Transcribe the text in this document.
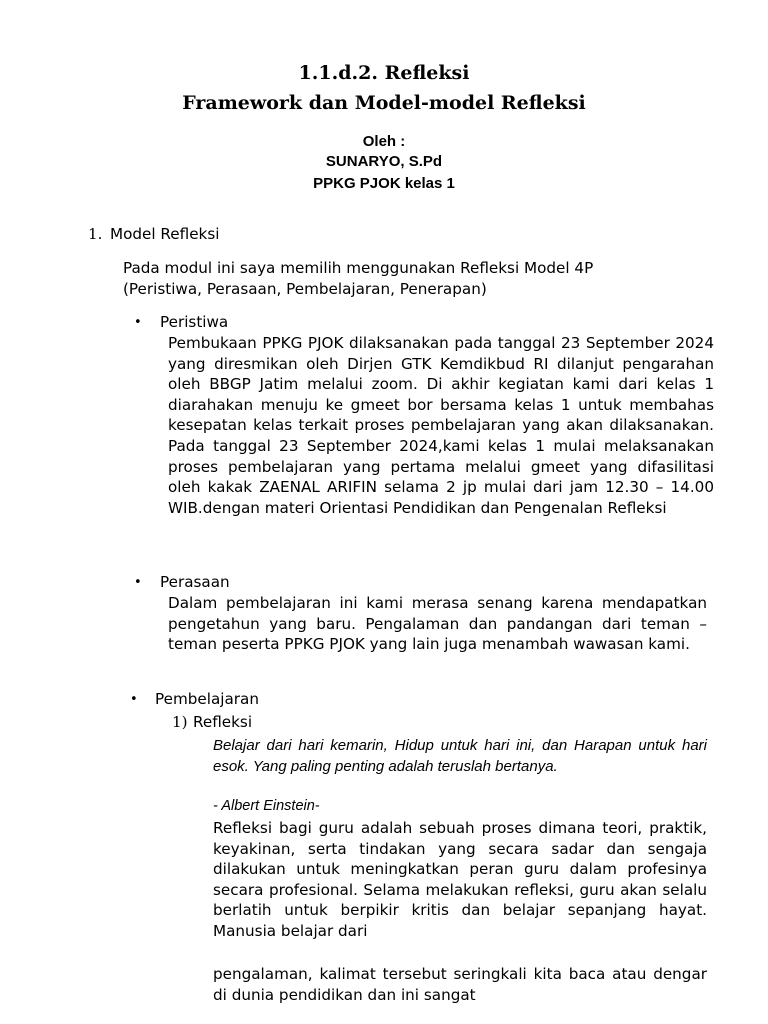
1.1.d.2. Refleksi
Framework dan Model-model Refleksi
Oleh :
SUNARYO, S.Pd
PPKG PJOK kelas 1
1. Model Refleksi
Pada modul ini saya memilih menggunakan Refleksi Model 4P
(Peristiwa, Perasaan, Pembelajaran, Penerapan)
• Peristiwa
Pembukaan PPKG PJOK dilaksanakan pada tanggal 23 September 2024 yang diresmikan oleh Dirjen GTK Kemdikbud RI dilanjut pengarahan oleh BBGP Jatim melalui zoom. Di akhir kegiatan kami dari kelas 1 diarahakan menuju ke gmeet bor bersama kelas 1 untuk membahas kesepatan kelas terkait proses pembelajaran yang akan dilaksanakan. Pada tanggal 23 September 2024,kami kelas 1 mulai melaksanakan proses pembelajaran yang pertama melalui gmeet yang difasilitasi oleh kakak ZAENAL ARIFIN selama 2 jp mulai dari jam 12.30 – 14.00 WIB.dengan materi Orientasi Pendidikan dan Pengenalan Refleksi
• Perasaan
Dalam pembelajaran ini kami merasa senang karena mendapatkan pengetahun yang baru. Pengalaman dan pandangan dari teman – teman peserta PPKG PJOK yang lain juga menambah wawasan kami.
• Pembelajaran
1) Refleksi
Belajar dari hari kemarin, Hidup untuk hari ini, dan Harapan untuk hari esok. Yang paling penting adalah teruslah bertanya.
- Albert Einstein-
Refleksi bagi guru adalah sebuah proses dimana teori, praktik, keyakinan, serta tindakan yang secara sadar dan sengaja dilakukan untuk meningkatkan peran guru dalam profesinya secara profesional. Selama melakukan refleksi, guru akan selalu berlatih untuk berpikir kritis dan belajar sepanjang hayat. Manusia belajar dari
pengalaman, kalimat tersebut seringkali kita baca atau dengar di dunia pendidikan dan ini sangat
